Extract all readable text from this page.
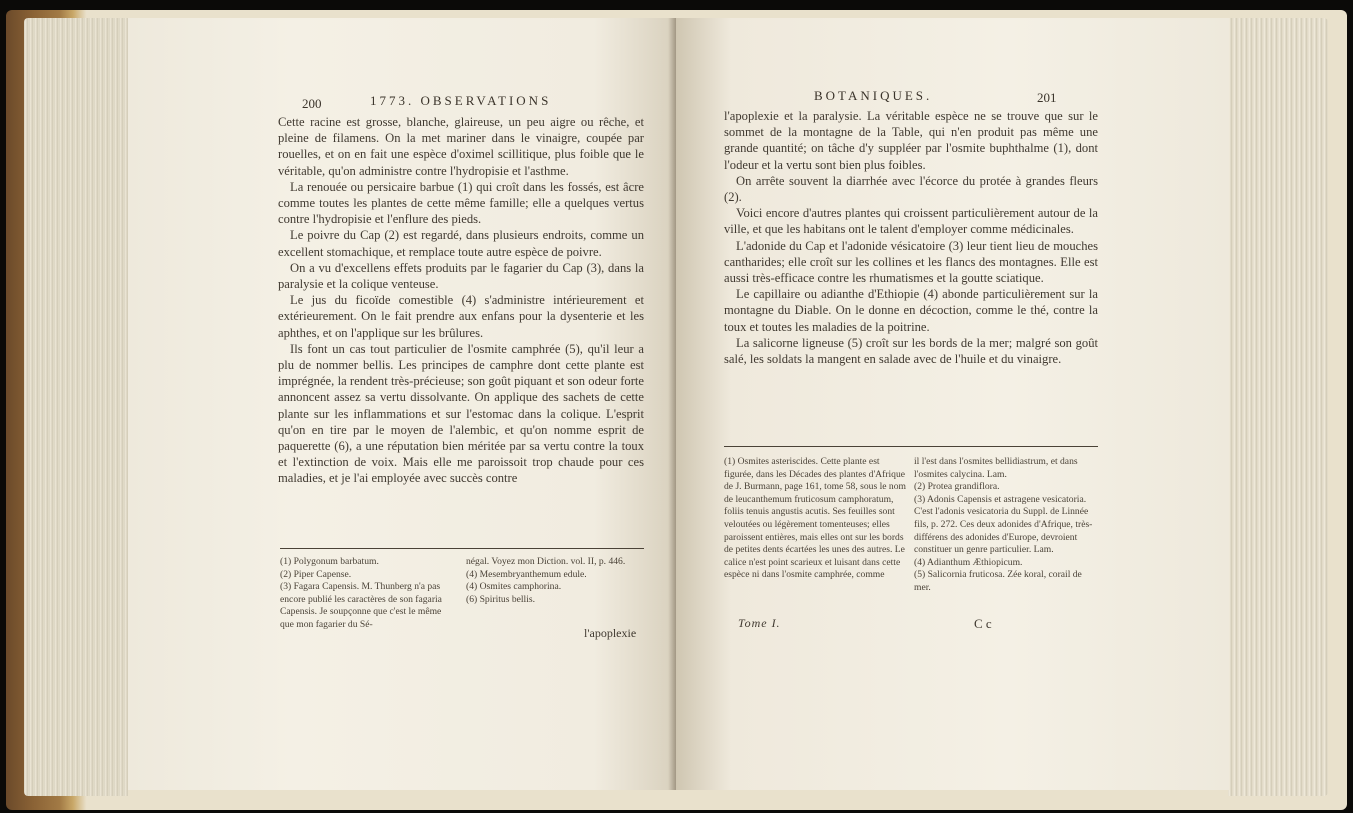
200	1773. OBSERVATIONS

Cette racine est grosse, blanche, glaireuse, un peu aigre ou rêche, et pleine de filamens. On la met mariner dans le vinaigre, coupée par rouelles, et on en fait une espèce d'oximel scillitique, plus foible que le véritable, qu'on administre contre l'hydropisie et l'asthme.

La renouée ou persicaire barbue (1) qui croît dans les fossés, est âcre comme toutes les plantes de cette même famille; elle a quelques vertus contre l'hydropisie et l'enflure des pieds.

Le poivre du Cap (2) est regardé, dans plusieurs endroits, comme un excellent stomachique, et remplace toute autre espèce de poivre.

On a vu d'excellens effets produits par le fagarier du Cap (3), dans la paralysie et la colique venteuse.

Le jus du ficoïde comestible (4) s'administre intérieurement et extérieurement. On le fait prendre aux enfans pour la dysenterie et les aphthes, et on l'applique sur les brûlures.

Ils font un cas tout particulier de l'osmite camphrée (5), qu'il leur a plu de nommer bellis. Les principes de camphre dont cette plante est imprégnée, la rendent très-précieuse; son goût piquant et son odeur forte annoncent assez sa vertu dissolvante. On applique des sachets de cette plante sur les inflammations et sur l'estomac dans la colique. L'esprit qu'on en tire par le moyen de l'alembic, et qu'on nomme esprit de paquerette (6), a une réputation bien méritée par sa vertu contre la toux et l'extinction de voix. Mais elle me paroissoit trop chaude pour ces maladies, et je l'ai employée avec succès contre

(1) Polygonum barbatum.

(2) Piper Capense.

(3) Fagara Capensis. M. Thunberg n'a pas encore publié les caractères de son fagaria Capensis. Je soupçonne que c'est le même que mon fagarier du Sé-

négal. Voyez mon Diction. vol. II, p. 446.

(4) Mesembryanthemum edule.

(4) Osmites camphorina.

(6) Spiritus bellis.

l'apoplexie
BOTANIQUES.	201

l'apoplexie et la paralysie. La véritable espèce ne se trouve que sur le sommet de la montagne de la Table, qui n'en produit pas même une grande quantité; on tâche d'y suppléer par l'osmite buphthalme (1), dont l'odeur et la vertu sont bien plus foibles.

On arrête souvent la diarrhée avec l'écorce du protée à grandes fleurs (2).

Voici encore d'autres plantes qui croissent particulièrement autour de la ville, et que les habitans ont le talent d'employer comme médicinales.

L'adonide du Cap et l'adonide vésicatoire (3) leur tient lieu de mouches cantharides; elle croît sur les collines et les flancs des montagnes. Elle est aussi très-efficace contre les rhumatismes et la goutte sciatique.

Le capillaire ou adianthe d'Ethiopie (4) abonde particulièrement sur la montagne du Diable. On le donne en décoction, comme le thé, contre la toux et toutes les maladies de la poitrine.

La salicorne ligneuse (5) croît sur les bords de la mer; malgré son goût salé, les soldats la mangent en salade avec de l'huile et du vinaigre.

(1) Osmites asteriscides. Cette plante est figurée, dans les Décades des plantes d'Afrique de J. Burmann, page 161, tome 58, sous le nom de leucanthemum fruticosum camphoratum, foliis tenuis angustis acutis. Ses feuilles sont veloutées ou légèrement tomenteuses; elles paroissent entières, mais elles ont sur les bords de petites dents écartées les unes des autres. Le calice n'est point scarieux et luisant dans cette espèce ni dans l'osmite camphrée, comme

il l'est dans l'osmites bellidiastrum, et dans l'osmites calycina. Lam.

(2) Protea grandiflora.

(3) Adonis Capensis et astragene vesicatoria. C'est l'adonis vesicatoria du Suppl. de Linnée fils, p. 272. Ces deux adonides d'Afrique, très-différens des adonides d'Europe, devroient constituer un genre particulier. Lam.

(4) Adianthum Æthiopicum.

(5) Salicornia fruticosa. Zée koral, corail de mer.

Tome I.	C c
